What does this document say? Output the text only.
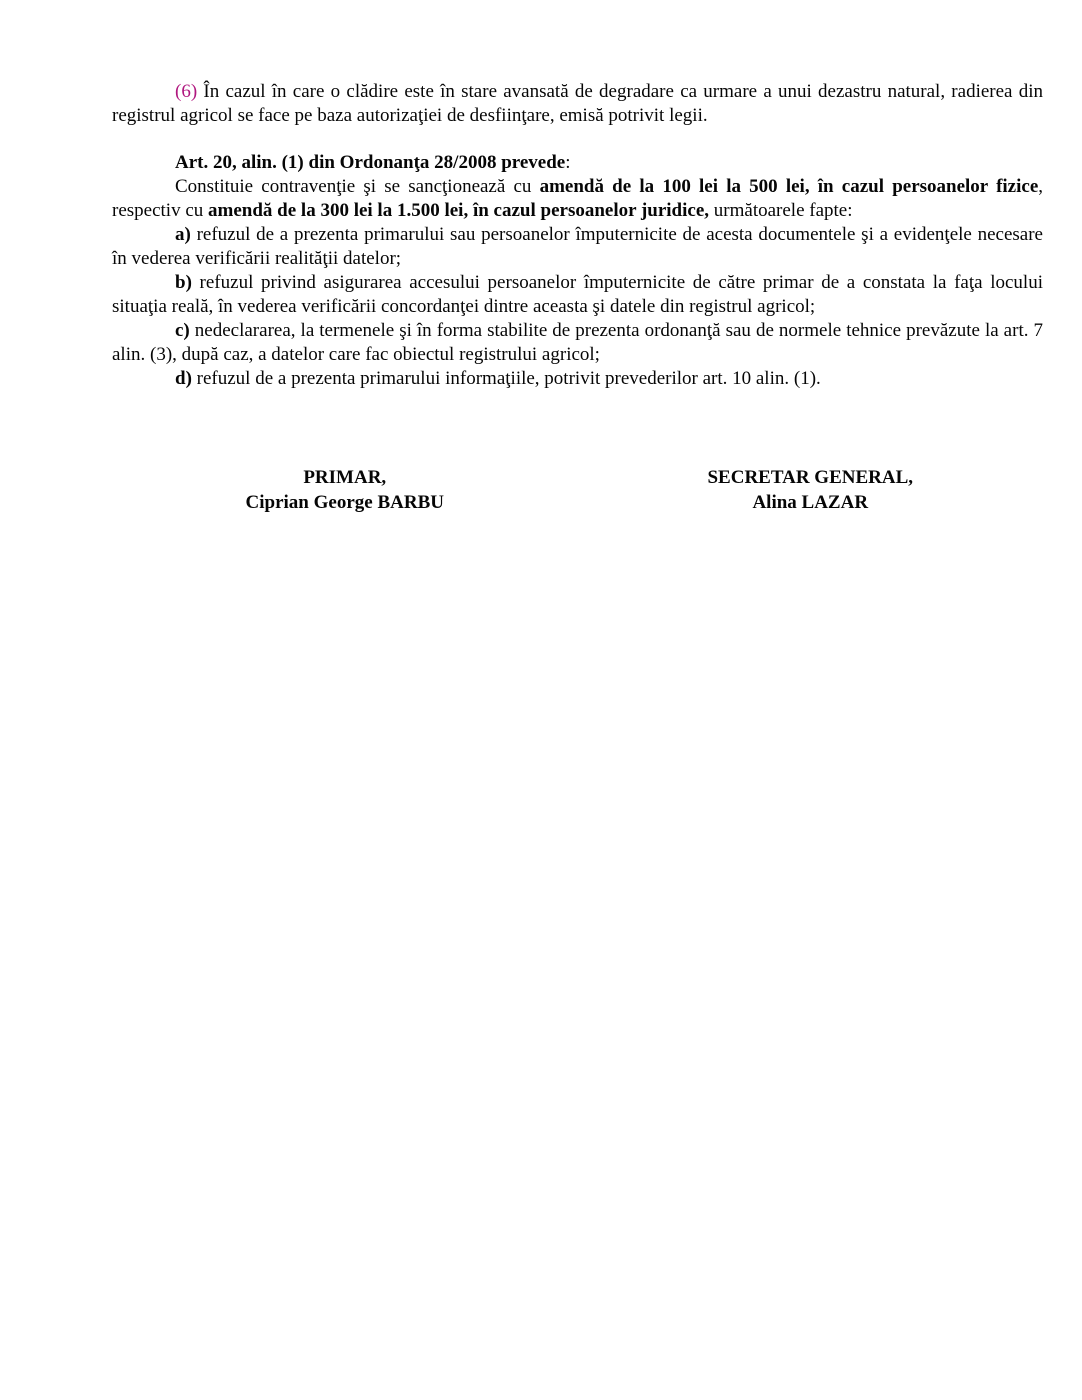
(6) În cazul în care o clădire este în stare avansată de degradare ca urmare a unui dezastru natural, radierea din registrul agricol se face pe baza autorizaţiei de desfiinţare, emisă potrivit legii.

Art. 20, alin. (1) din Ordonanţa 28/2008 prevede:

Constituie contravenţie şi se sancţionează cu amendă de la 100 lei la 500 lei, în cazul persoanelor fizice, respectiv cu amendă de la 300 lei la 1.500 lei, în cazul persoanelor juridice, următoarele fapte:

a) refuzul de a prezenta primarului sau persoanelor împuternicite de acesta documentele şi a evidenţele necesare în vederea verificării realităţii datelor;

b) refuzul privind asigurarea accesului persoanelor împuternicite de către primar de a constata la faţa locului situaţia reală, în vederea verificării concordanţei dintre aceasta şi datele din registrul agricol;

c) nedeclararea, la termenele şi în forma stabilite de prezenta ordonanţă sau de normele tehnice prevăzute la art. 7 alin. (3), după caz, a datelor care fac obiectul registrului agricol;

d) refuzul de a prezenta primarului informaţiile, potrivit prevederilor art. 10 alin. (1).

PRIMAR,
Ciprian George BARBU
SECRETAR GENERAL,
Alina LAZAR
